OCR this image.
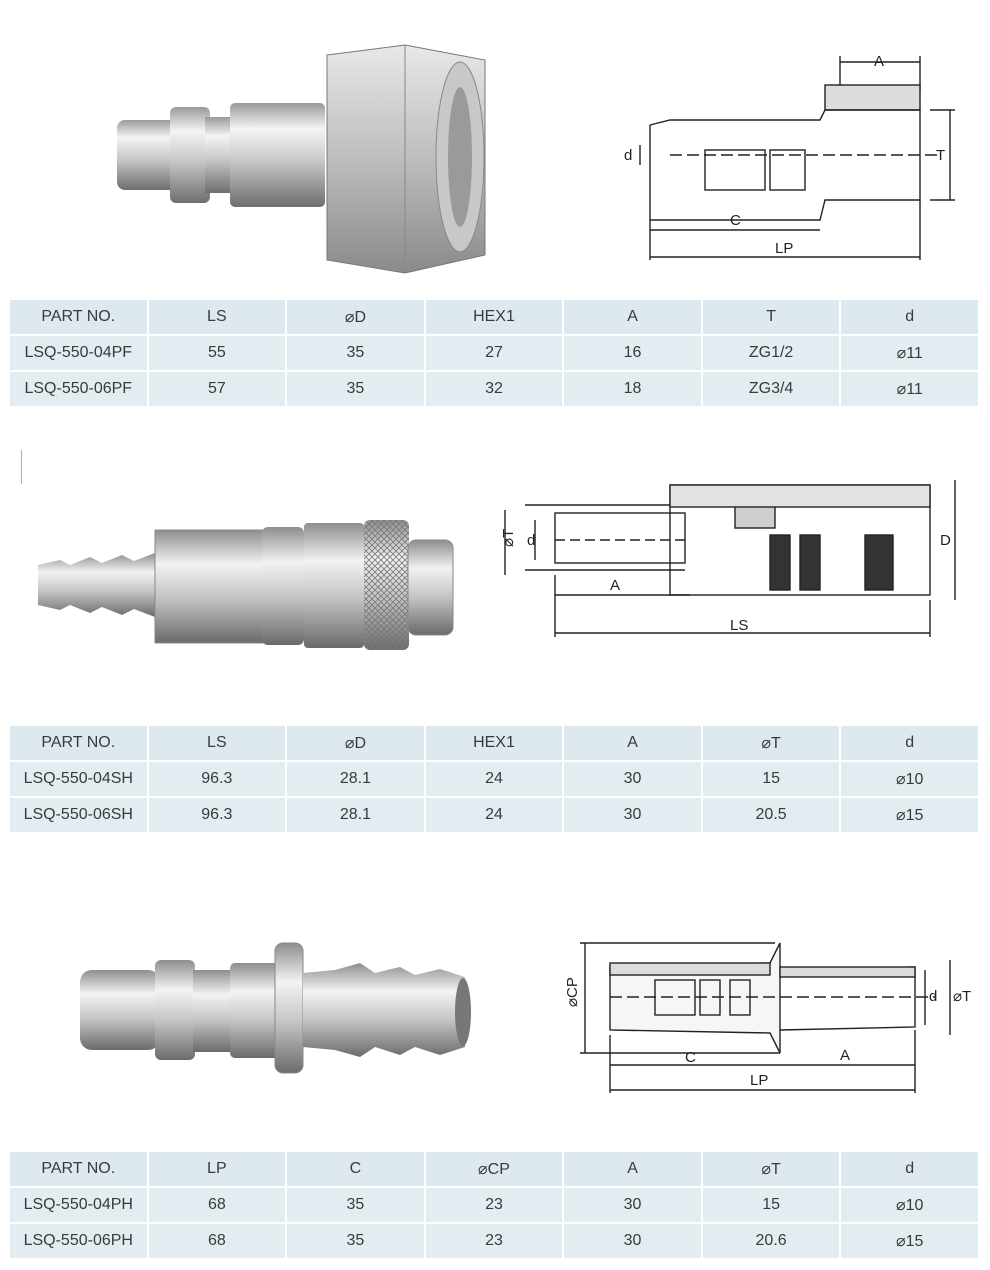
A
T
d
C
LP
PART NO.	LS	⌀D	HEX1	A	T	d
LSQ-550-04PF	55	35	27	16	ZG1/2	⌀11
LSQ-550-06PF	57	35	32	18	ZG3/4	⌀11
⌀T d	D
A
LS
PART NO.	LS	⌀D	HEX1	A	⌀T	d
LSQ-550-04SH	96.3	28.1	24	30	15	⌀10
LSQ-550-06SH	96.3	28.1	24	30	20.5	⌀15
⌀CP
C	A
LP
d ⌀T
PART NO.	LP	C	⌀CP	A	⌀T	d
LSQ-550-04PH	68	35	23	30	15	⌀10
LSQ-550-06PH	68	35	23	30	20.6	⌀15
